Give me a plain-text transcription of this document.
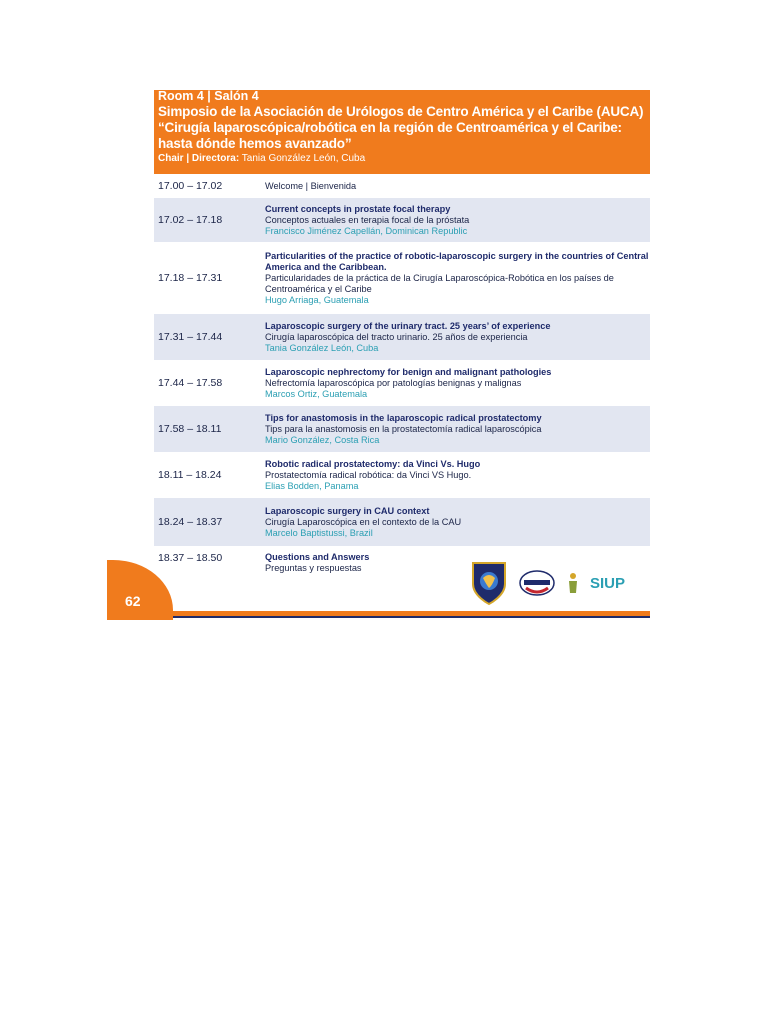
Room 4 | Salón 4
Simposio de la Asociación de Urólogos de Centro América y el Caribe (AUCA) “Cirugía laparoscópica/robótica en la región de Centroamérica y el Caribe: hasta dónde hemos avanzado”
Chair | Directora: Tania González León, Cuba
17.00 – 17.02	Welcome | Bienvenida
17.02 – 17.18
Current concepts in prostate focal therapy
Conceptos actuales en terapia focal de la próstata
Francisco Jiménez Capellán, Dominican Republic
17.18 – 17.31
Particularities of the practice of robotic-laparoscopic surgery in the countries of Central America and the Caribbean.
Particularidades de la práctica de la Cirugía Laparoscópica-Robótica en los países de Centroamérica y el Caribe
Hugo Arriaga, Guatemala
17.31 – 17.44
Laparoscopic surgery of the urinary tract. 25 years’ of experience
Cirugía laparoscópica del tracto urinario. 25 años de experiencia
Tania González León, Cuba
17.44 – 17.58
Laparoscopic nephrectomy for benign and malignant pathologies
Nefrectomía laparoscópica por patologías benignas y malignas
Marcos Ortiz, Guatemala
17.58 – 18.11
Tips for anastomosis in the laparoscopic radical prostatectomy
Tips para la anastomosis en la prostatectomía radical laparoscópica
Mario González, Costa Rica
18.11 – 18.24
Robotic radical prostatectomy: da Vinci Vs. Hugo
Prostatectomía radical robótica: da Vinci VS Hugo.
Elias Bodden, Panama
18.24 – 18.37
Laparoscopic surgery in CAU context
Cirugía Laparoscópica en el contexto de la CAU
Marcelo Baptistussi, Brazil
18.37 – 18.50	Questions and Answers
Preguntas y respuestas
SIUP
62
